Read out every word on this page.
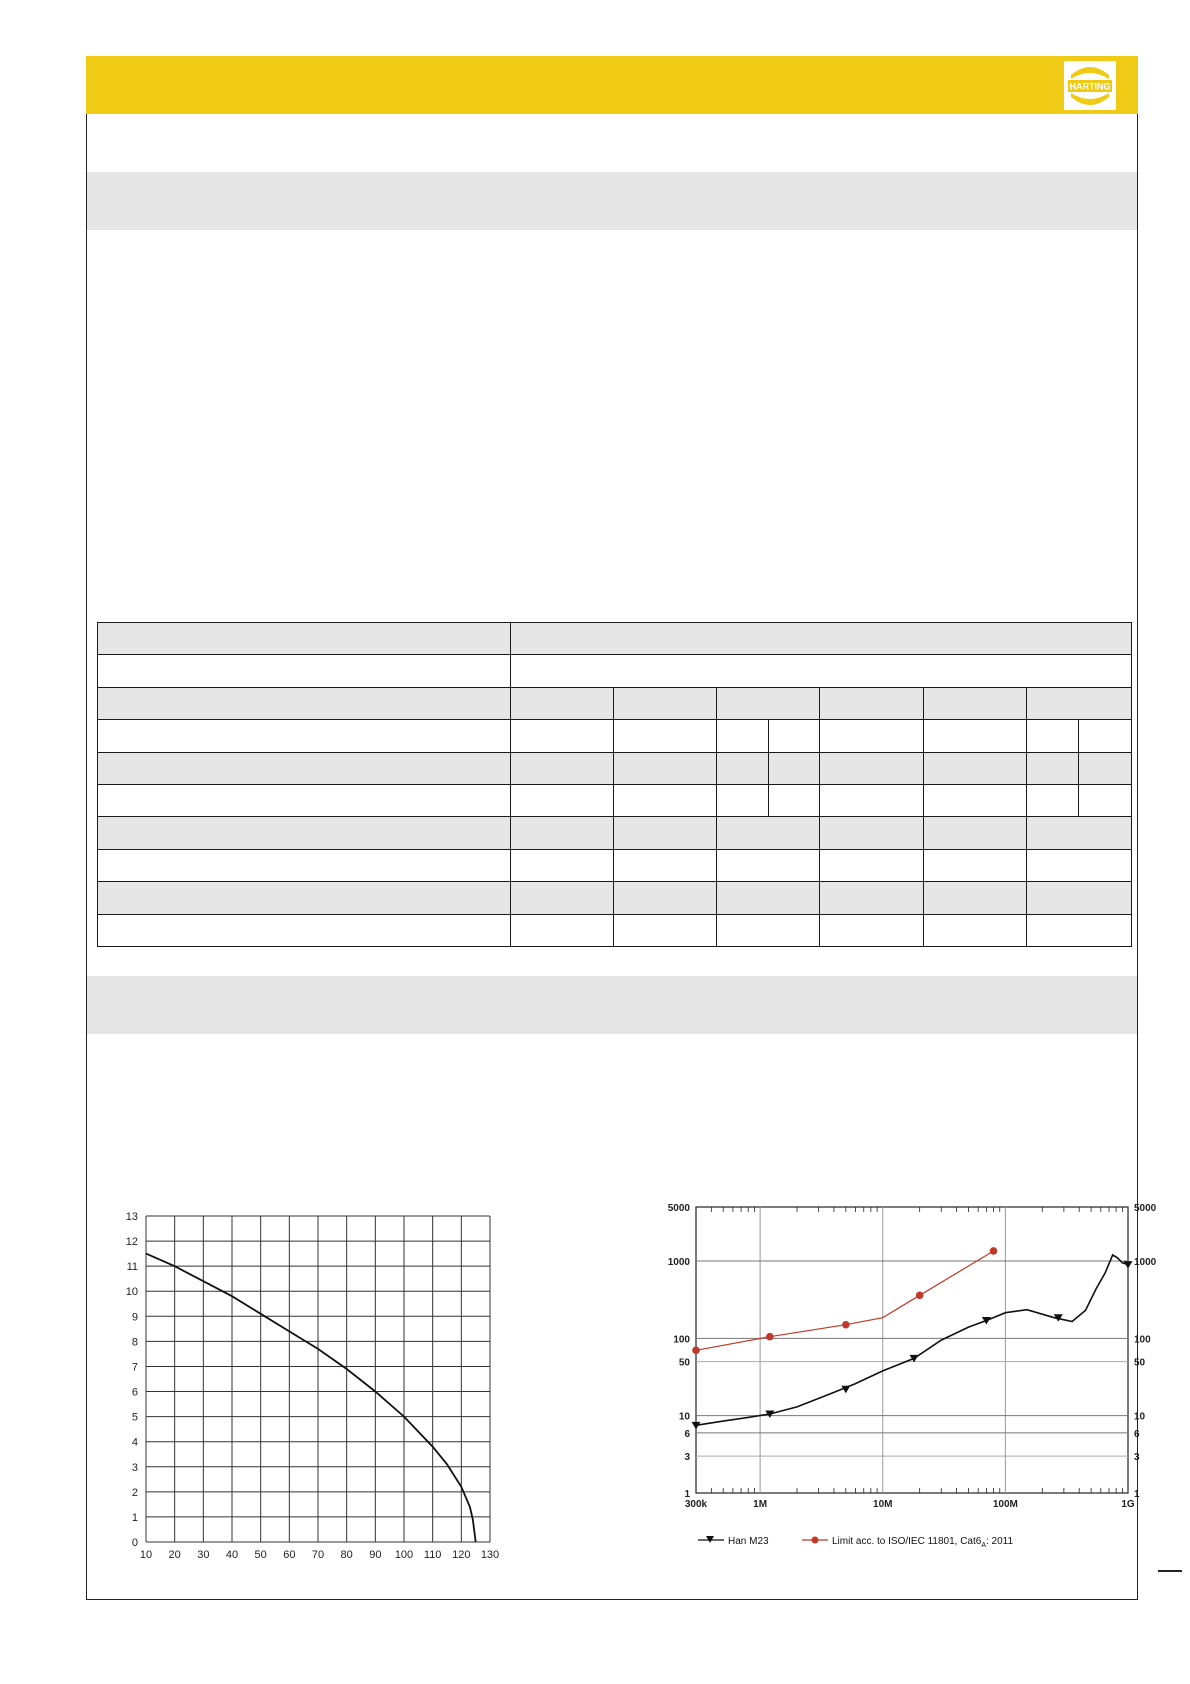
HARTING

0
1
2
3
4
5
6
7
8
9
10
11
12
13
10 20 30 40 50 60 70 80 90 100 110 120 130
1
3
6
10
50
100
1000
5000
1
3
6
10
50
100
1000
5000
300k	1M	10M	100M	1G
Han M23	Limit acc. to ISO/IEC 11801, $Cat6_A$: 2011
